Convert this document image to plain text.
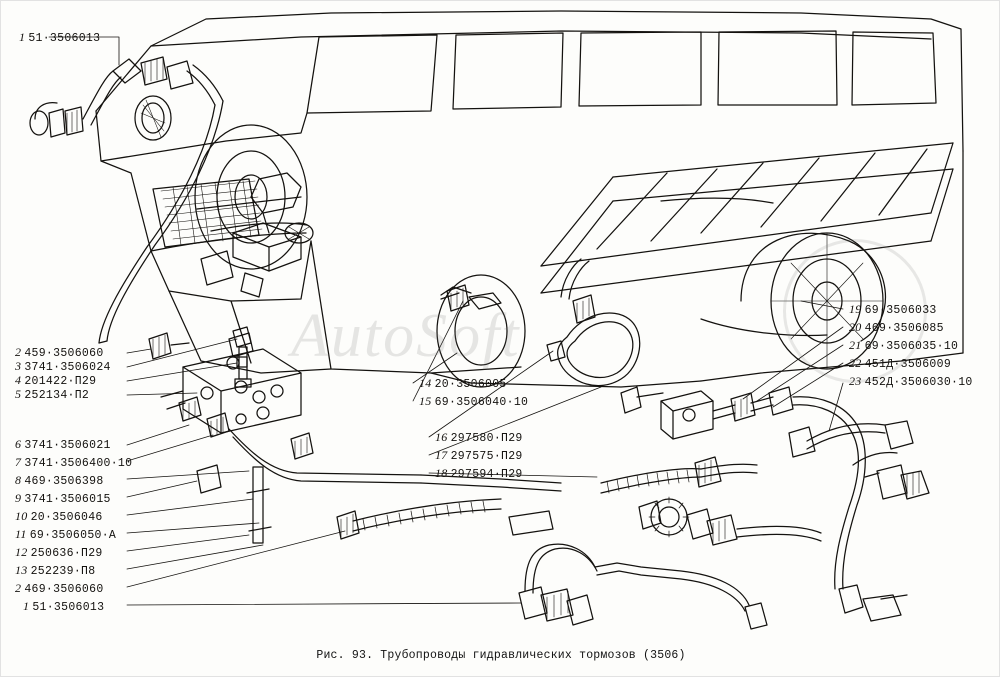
AutoSoft
1 51·3506013
2 459·3506060
3 3741·3506024
4 201422·П29
5 252134·П2
6 3741·3506021
7 3741·3506400·10
8 469·3506398
9 3741·3506015
10 20·3506046
11 69·3506050·А
12 250636·П29
13 252239·П8
2 469·3506060
1 51·3506013
14 20·3506005
15 69·3506040·10
16 297580·П29
17 297575·П29
18 297594·П29
19 69·3506033
20 469·3506085
21 69·3506035·10
22 451Д·3506009
23 452Д·3506030·10
Рис. 93. Трубопроводы гидравлических тормозов (3506)
